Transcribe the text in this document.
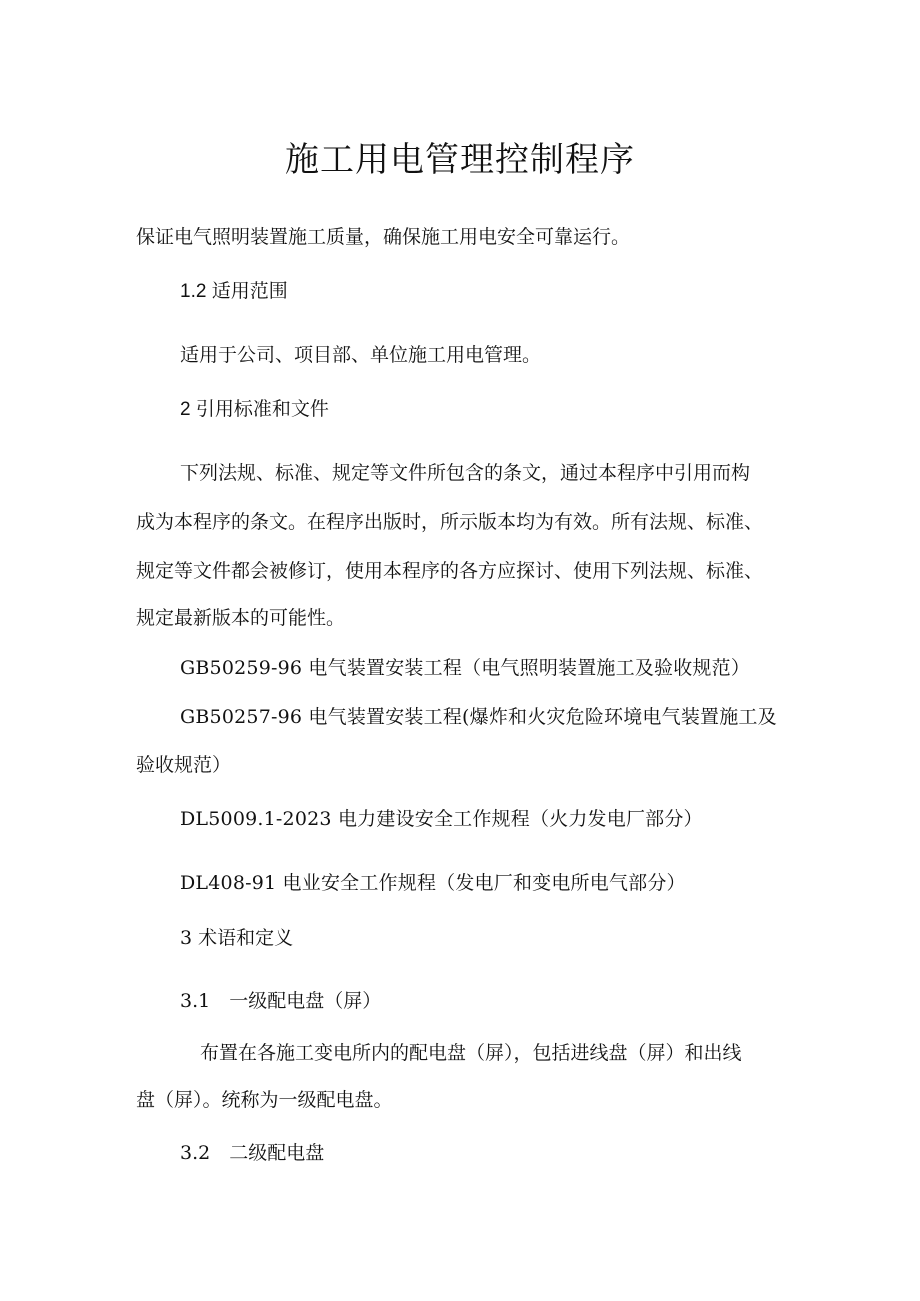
施工用电管理控制程序

保证电气照明装置施工质量，确保施工用电安全可靠运行。

1.2 适用范围

适用于公司、项目部、单位施工用电管理。

2 引用标准和文件

下列法规、标准、规定等文件所包含的条文，通过本程序中引用而构

成为本程序的条文。在程序出版时，所示版本均为有效。所有法规、标准、

规定等文件都会被修订，使用本程序的各方应探讨、使用下列法规、标准、

规定最新版本的可能性。

GB50259-96 电气装置安装工程（电气照明装置施工及验收规范）

GB50257-96 电气装置安装工程(爆炸和火灾危险环境电气装置施工及

验收规范）

DL5009.1-2023 电力建设安全工作规程（火力发电厂部分）

DL408-91 电业安全工作规程（发电厂和变电所电气部分）

3 术语和定义

3.1　一级配电盘（屏）

布置在各施工变电所内的配电盘（屏），包括进线盘（屏）和出线

盘（屏）。统称为一级配电盘。

3.2　二级配电盘
